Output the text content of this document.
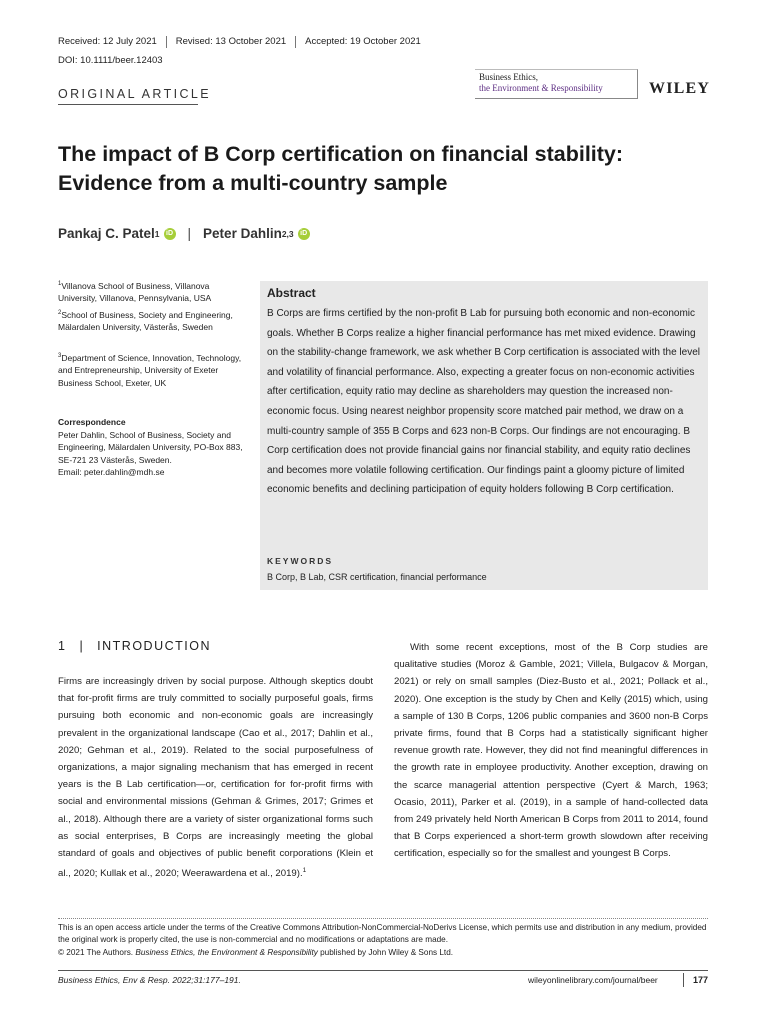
Received: 12 July 2021	Revised: 13 October 2021	Accepted: 19 October 2021
DOI: 10.1111/beer.12403
ORIGINAL ARTICLE
Business Ethics,
the Environment & Responsibility	WILEY
The impact of B Corp certification on financial stability:
Evidence from a multi-country sample
Pankaj C. Patel 1 iD | Peter Dahlin 2,3 iD
$^1$Villanova School of Business, Villanova University, Villanova, Pennsylvania, USA
$^2$School of Business, Society and Engineering, Mälardalen University, Västerås, Sweden
$^3$Department of Science, Innovation, Technology, and Entrepreneurship, University of Exeter Business School, Exeter, UK
Correspondence
Peter Dahlin, School of Business, Society and Engineering, Mälardalen University, PO-Box 883, SE-721 23 Västerås, Sweden.
Email: peter.dahlin@mdh.se
Abstract
B Corps are firms certified by the non-profit B Lab for pursuing both economic and non-economic goals. Whether B Corps realize a higher financial performance has met mixed evidence. Drawing on the stability-change framework, we ask whether B Corp certification is associated with the level and volatility of financial performance. Also, expecting a greater focus on non-economic activities after certification, equity ratio may decline as shareholders may question the increased non-economic focus. Using nearest neighbor propensity score matched pair method, we draw on a multi-country sample of 355 B Corps and 623 non-B Corps. Our findings are not encouraging. B Corp certification does not provide financial gains nor financial stability, and equity ratio declines and becomes more volatile following certification. Our findings paint a gloomy picture of limited economic benefits and declining participation of equity holders following B Corp certification.
KEYWORDS
B Corp, B Lab, CSR certification, financial performance
1 | INTRODUCTION
Firms are increasingly driven by social purpose. Although skeptics doubt that for-profit firms are truly committed to socially purposeful goals, firms pursuing both economic and non-economic goals are increasingly prevalent in the organizational landscape (Cao et al., 2017; Dahlin et al., 2020; Gehman et al., 2019). Related to the social purposefulness of organizations, a major signaling mechanism that has emerged in recent years is the B Lab certification—or, certification for for-profit firms with social and environmental missions (Gehman & Grimes, 2017; Grimes et al., 2018). Although there are a variety of sister organizational forms such as social enterprises, B Corps are increasingly meeting the global standard of goals and objectives of public benefit corporations (Klein et al., 2020; Kullak et al., 2020; Weerawardena et al., 2019).$^1$
With some recent exceptions, most of the B Corp studies are qualitative studies (Moroz & Gamble, 2021; Villela, Bulgacov & Morgan, 2021) or rely on small samples (Diez-Busto et al., 2021; Pollack et al., 2020). One exception is the study by Chen and Kelly (2015) which, using a sample of 130 B Corps, 1206 public companies and 3600 non-B Corps private firms, found that B Corps had a statistically significant higher revenue growth rate. However, they did not find meaningful differences in the growth rate in employee productivity. Another exception, drawing on the scarce managerial attention perspective (Cyert & March, 1963; Ocasio, 2011), Parker et al. (2019), in a sample of hand-collected data from 249 privately held North American B Corps from 2011 to 2014, found that B Corps experienced a short-term growth slowdown after receiving certification, especially so for the smallest and youngest B Corps.
This is an open access article under the terms of the Creative Commons Attribution-NonCommercial-NoDerivs License, which permits use and distribution in any medium, provided the original work is properly cited, the use is non-commercial and no modifications or adaptations are made.
© 2021 The Authors. Business Ethics, the Environment & Responsibility published by John Wiley & Sons Ltd.
Business Ethics, Env & Resp. 2022;31:177–191.	wileyonlinelibrary.com/journal/beer	177
